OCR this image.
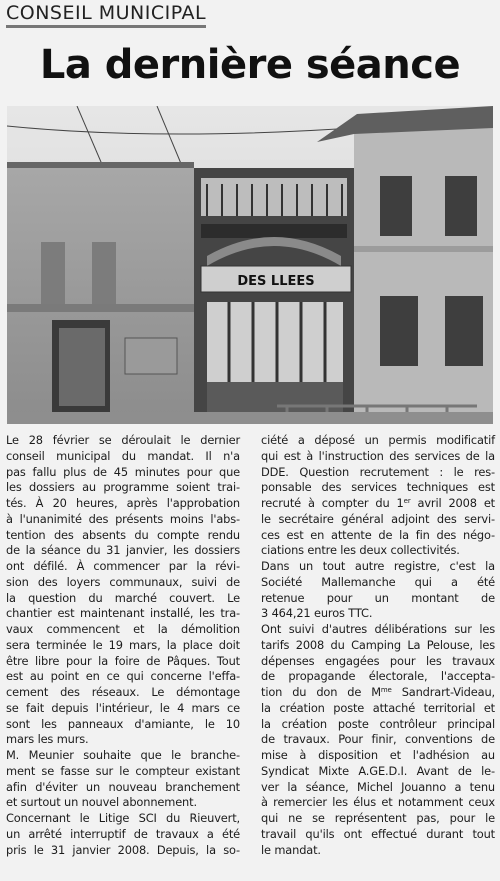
CONSEIL MUNICIPAL
La dernière séance
DES LLEES

Le 28 février se déroulait le dernier
conseil municipal du mandat. Il n'a
pas fallu plus de 45 minutes pour que
les dossiers au programme soient trai-
tés. À 20 heures, après l'approbation
à l'unanimité des présents moins l'abs-
tention des absents du compte rendu
de la séance du 31 janvier, les dossiers
ont défilé. À commencer par la révi-
sion des loyers communaux, suivi de
la question du marché couvert. Le
chantier est maintenant installé, les tra-
vaux commencent et la démolition
sera terminée le 19 mars, la place doit
être libre pour la foire de Pâques. Tout
est au point en ce qui concerne l'effa-
cement des réseaux. Le démontage
se fait depuis l'intérieur, le 4 mars ce
sont les panneaux d'amiante, le 10
mars les murs.

M. Meunier souhaite que le branche-
ment se fasse sur le compteur existant
afin d'éviter un nouveau branchement
et surtout un nouvel abonnement.

Concernant le Litige SCI du Rieuvert,
un arrêté interruptif de travaux a été
pris le 31 janvier 2008. Depuis, la so-

ciété a déposé un permis modificatif
qui est à l'instruction des services de la
DDE. Question recrutement : le res-
ponsable des services techniques est
recruté à compter du 1er avril 2008 et
le secrétaire général adjoint des servi-
ces est en attente de la fin des négo-
ciations entre les deux collectivités.

Dans un tout autre registre, c'est la
Société Mallemanche qui a été
retenue pour un montant de
3 464,21 euros TTC.

Ont suivi d'autres délibérations sur les
tarifs 2008 du Camping La Pelouse, les
dépenses engagées pour les travaux
de propagande électorale, l'accepta-
tion du don de $M^{me}$ Sandrart-Videau,
la création poste attaché territorial et
la création poste contrôleur principal
de travaux. Pour finir, conventions de
mise à disposition et l'adhésion au
Syndicat Mixte A.GE.D.I. Avant de le-
ver la séance, Michel Jouanno a tenu
à remercier les élus et notamment ceux
qui ne se représentent pas, pour le
travail qu'ils ont effectué durant tout
le mandat.
